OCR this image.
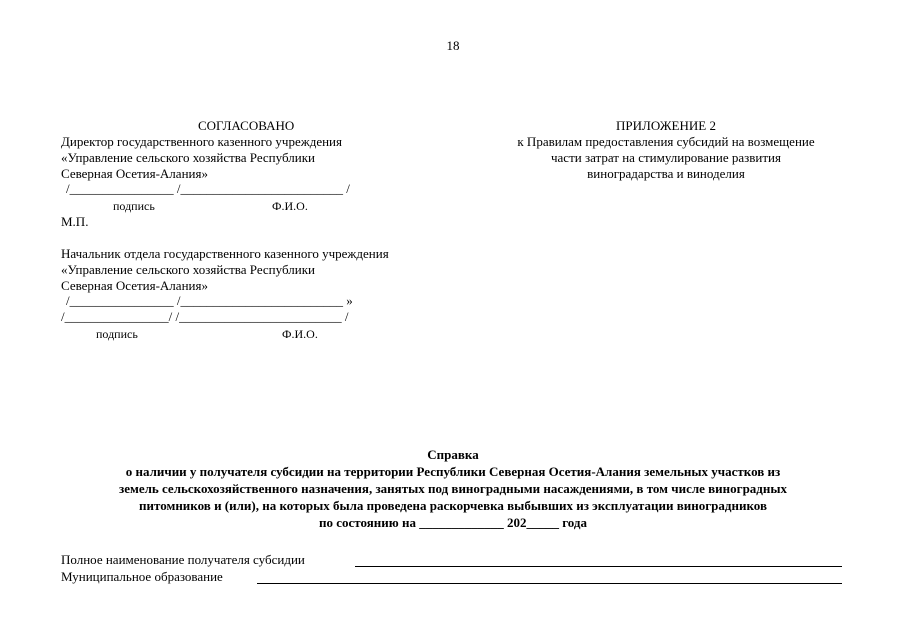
18
СОГЛАСОВАНО
Директор государственного казенного учреждения
«Управление сельского хозяйства Республики
Северная Осетия-Алания»
/________________ /_________________________ /
подпись	Ф.И.О.
М.П.
Начальник отдела государственного казенного учреждения
«Управление сельского хозяйства Республики
Северная Осетия-Алания»
/________________ /_________________________ »
/________________/ /_________________________ /
подпись	Ф.И.О.
ПРИЛОЖЕНИЕ 2
к Правилам предоставления субсидий на возмещение
части затрат на стимулирование развития
виноградарства и виноделия
Справка
о наличии у получателя субсидии на территории Республики Северная Осетия-Алания земельных участков из
земель сельскохозяйственного назначения, занятых под виноградными насаждениями, в том числе виноградных
питомников и (или), на которых была проведена раскорчевка выбывших из эксплуатации виноградников
по состоянию на _____________ 202_____ года
Полное наименование получателя субсидии
Муниципальное образование
